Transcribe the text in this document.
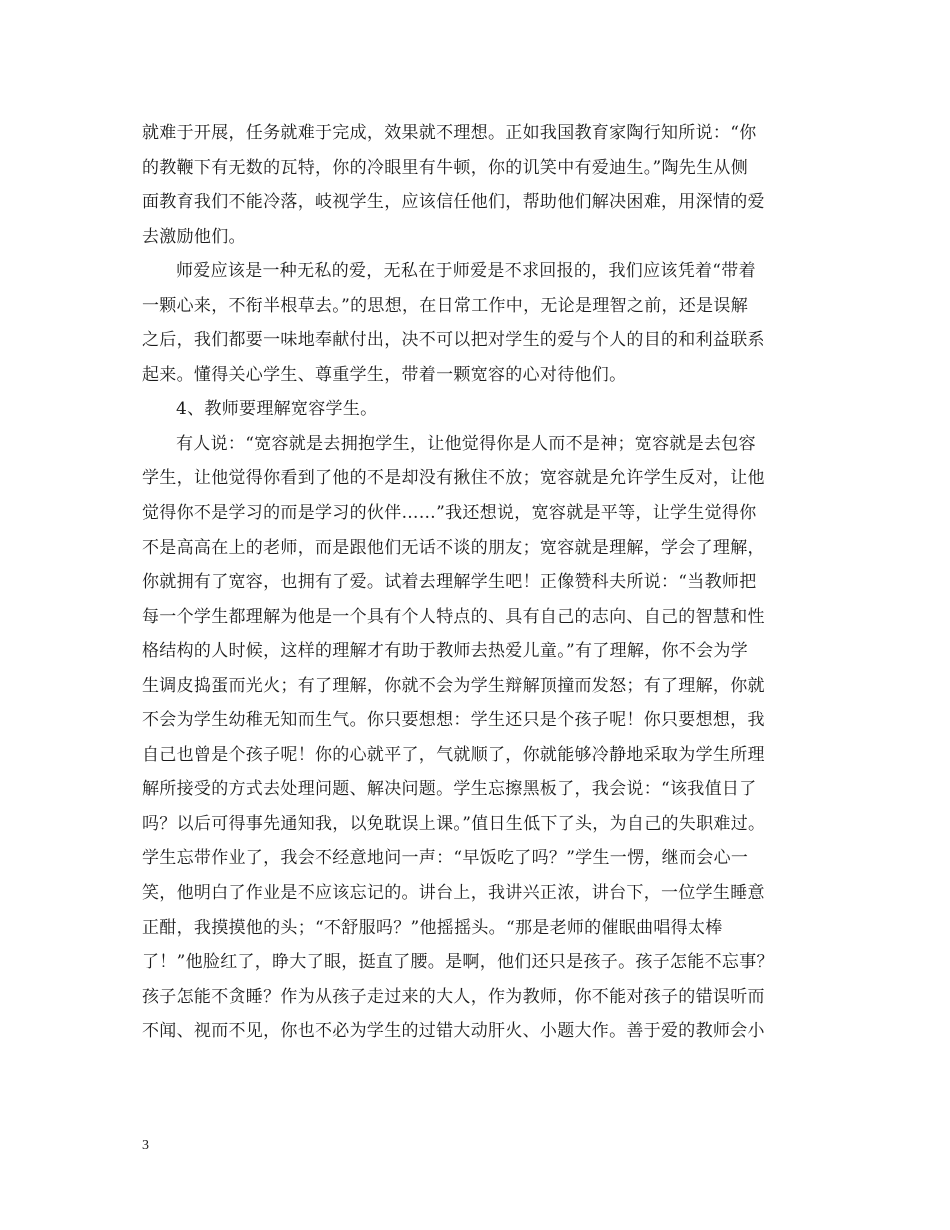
就难于开展，任务就难于完成，效果就不理想。正如我国教育家陶行知所说：“你
的教鞭下有无数的瓦特，你的冷眼里有牛顿，你的讥笑中有爱迪生。”陶先生从侧
面教育我们不能冷落，岐视学生，应该信任他们，帮助他们解决困难，用深情的爱
去激励他们。
师爱应该是一种无私的爱，无私在于师爱是不求回报的，我们应该凭着“带着
一颗心来，不衔半根草去。”的思想，在日常工作中，无论是理智之前，还是误解
之后，我们都要一味地奉献付出，决不可以把对学生的爱与个人的目的和利益联系
起来。懂得关心学生、尊重学生，带着一颗宽容的心对待他们。
4、教师要理解宽容学生。
有人说：“宽容就是去拥抱学生，让他觉得你是人而不是神；宽容就是去包容
学生，让他觉得你看到了他的不是却没有揪住不放；宽容就是允许学生反对，让他
觉得你不是学习的而是学习的伙伴……”我还想说，宽容就是平等，让学生觉得你
不是高高在上的老师，而是跟他们无话不谈的朋友；宽容就是理解，学会了理解，
你就拥有了宽容，也拥有了爱。试着去理解学生吧！正像赞科夫所说：“当教师把
每一个学生都理解为他是一个具有个人特点的、具有自己的志向、自己的智慧和性
格结构的人时候，这样的理解才有助于教师去热爱儿童。”有了理解，你不会为学
生调皮捣蛋而光火；有了理解，你就不会为学生辩解顶撞而发怒；有了理解，你就
不会为学生幼稚无知而生气。你只要想想：学生还只是个孩子呢！你只要想想，我
自己也曾是个孩子呢！你的心就平了，气就顺了，你就能够冷静地采取为学生所理
解所接受的方式去处理问题、解决问题。学生忘擦黑板了，我会说：“该我值日了
吗？以后可得事先通知我，以免耽误上课。”值日生低下了头，为自己的失职难过。
学生忘带作业了，我会不经意地问一声：“早饭吃了吗？”学生一愣，继而会心一
笑，他明白了作业是不应该忘记的。讲台上，我讲兴正浓，讲台下，一位学生睡意
正酣，我摸摸他的头；“不舒服吗？”他摇摇头。“那是老师的催眠曲唱得太棒
了！”他脸红了，睁大了眼，挺直了腰。是啊，他们还只是孩子。孩子怎能不忘事？
孩子怎能不贪睡？作为从孩子走过来的大人，作为教师，你不能对孩子的错误听而
不闻、视而不见，你也不必为学生的过错大动肝火、小题大作。善于爱的教师会小
3
